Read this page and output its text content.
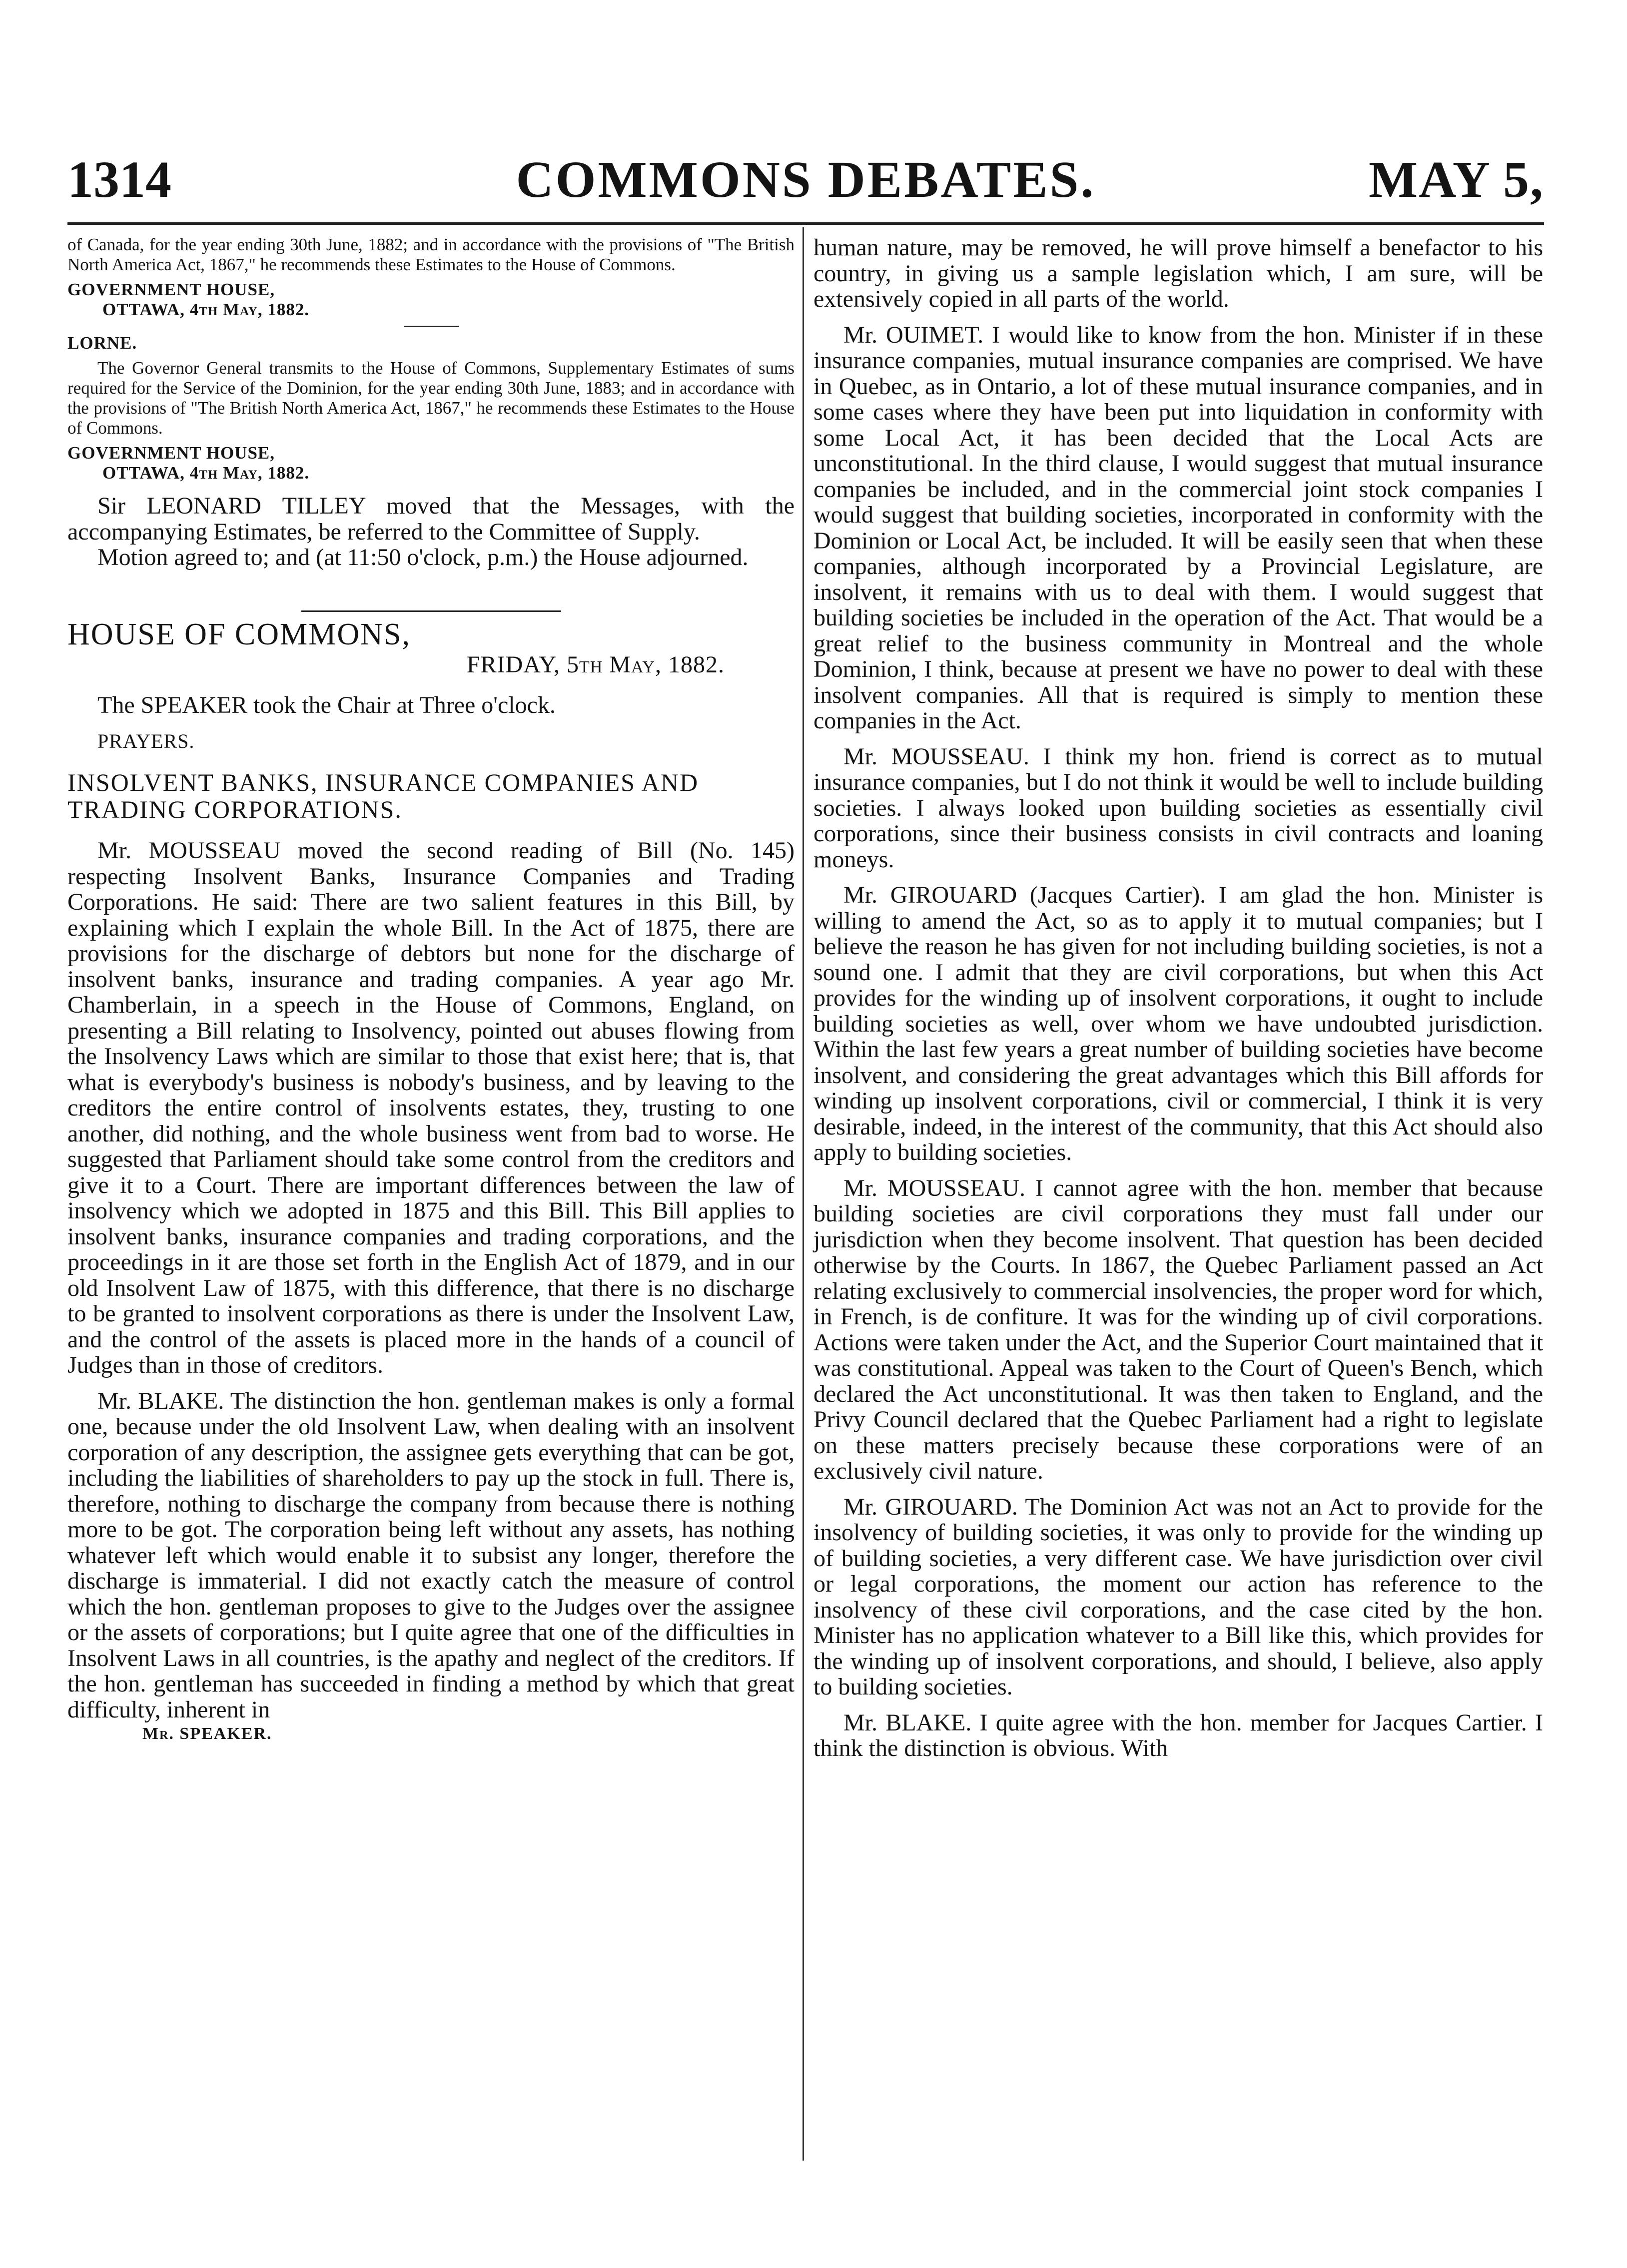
1314	COMMONS DEBATES.	MAY 5,

of Canada, for the year ending 30th June, 1882; and in accordance with the provisions of "The British North America Act, 1867," he recommends these Estimates to the House of Commons.

GOVERNMENT HOUSE,

OTTAWA, 4th May, 1882.

LORNE.

The Governor General transmits to the House of Commons, Supplementary Estimates of sums required for the Service of the Dominion, for the year ending 30th June, 1883; and in accordance with the provisions of "The British North America Act, 1867," he recommends these Estimates to the House of Commons.

GOVERNMENT HOUSE,

OTTAWA, 4th May, 1882.

Sir LEONARD TILLEY moved that the Messages, with the accompanying Estimates, be referred to the Committee of Supply.

Motion agreed to; and (at 11:50 o'clock, p.m.) the House adjourned.

HOUSE OF COMMONS,

FRIDAY, 5th May, 1882.

The SPEAKER took the Chair at Three o'clock.

PRAYERS.

INSOLVENT BANKS, INSURANCE COMPANIES AND

TRADING CORPORATIONS.

Mr. MOUSSEAU moved the second reading of Bill (No. 145) respecting Insolvent Banks, Insurance Companies and Trading Corporations. He said: There are two salient features in this Bill, by explaining which I explain the whole Bill. In the Act of 1875, there are provisions for the discharge of debtors but none for the discharge of insolvent banks, insurance and trading companies. A year ago Mr. Chamberlain, in a speech in the House of Commons, England, on presenting a Bill relating to Insolvency, pointed out abuses flowing from the Insolvency Laws which are similar to those that exist here; that is, that what is everybody's business is nobody's business, and by leaving to the creditors the entire control of insolvents estates, they, trusting to one another, did nothing, and the whole business went from bad to worse. He suggested that Parliament should take some control from the creditors and give it to a Court. There are important differences between the law of insolvency which we adopted in 1875 and this Bill. This Bill applies to insolvent banks, insurance companies and trading corporations, and the proceedings in it are those set forth in the English Act of 1879, and in our old Insolvent Law of 1875, with this difference, that there is no discharge to be granted to insolvent corporations as there is under the Insolvent Law, and the control of the assets is placed more in the hands of a council of Judges than in those of creditors.

Mr. BLAKE. The distinction the hon. gentleman makes is only a formal one, because under the old Insolvent Law, when dealing with an insolvent corporation of any description, the assignee gets everything that can be got, including the liabilities of shareholders to pay up the stock in full. There is, therefore, nothing to discharge the company from because there is nothing more to be got. The corporation being left without any assets, has nothing whatever left which would enable it to subsist any longer, therefore the discharge is immaterial. I did not exactly catch the measure of control which the hon. gentleman proposes to give to the Judges over the assignee or the assets of corporations; but I quite agree that one of the difficulties in Insolvent Laws in all countries, is the apathy and neglect of the creditors. If the hon. gentleman has succeeded in finding a method by which that great difficulty, inherent in

Mr. SPEAKER.

human nature, may be removed, he will prove himself a benefactor to his country, in giving us a sample legislation which, I am sure, will be extensively copied in all parts of the world.

Mr. OUIMET. I would like to know from the hon. Minister if in these insurance companies, mutual insurance companies are comprised. We have in Quebec, as in Ontario, a lot of these mutual insurance companies, and in some cases where they have been put into liquidation in conformity with some Local Act, it has been decided that the Local Acts are unconstitutional. In the third clause, I would suggest that mutual insurance companies be included, and in the commercial joint stock companies I would suggest that building societies, incorporated in conformity with the Dominion or Local Act, be included. It will be easily seen that when these companies, although incorporated by a Provincial Legislature, are insolvent, it remains with us to deal with them. I would suggest that building societies be included in the operation of the Act. That would be a great relief to the business community in Montreal and the whole Dominion, I think, because at present we have no power to deal with these insolvent companies. All that is required is simply to mention these companies in the Act.

Mr. MOUSSEAU. I think my hon. friend is correct as to mutual insurance companies, but I do not think it would be well to include building societies. I always looked upon building societies as essentially civil corporations, since their business consists in civil contracts and loaning moneys.

Mr. GIROUARD (Jacques Cartier). I am glad the hon. Minister is willing to amend the Act, so as to apply it to mutual companies; but I believe the reason he has given for not including building societies, is not a sound one. I admit that they are civil corporations, but when this Act provides for the winding up of insolvent corporations, it ought to include building societies as well, over whom we have undoubted jurisdiction. Within the last few years a great number of building societies have become insolvent, and considering the great advantages which this Bill affords for winding up insolvent corporations, civil or commercial, I think it is very desirable, indeed, in the interest of the community, that this Act should also apply to building societies.

Mr. MOUSSEAU. I cannot agree with the hon. member that because building societies are civil corporations they must fall under our jurisdiction when they become insolvent. That question has been decided otherwise by the Courts. In 1867, the Quebec Parliament passed an Act relating exclusively to commercial insolvencies, the proper word for which, in French, is de confiture. It was for the winding up of civil corporations. Actions were taken under the Act, and the Superior Court maintained that it was constitutional. Appeal was taken to the Court of Queen's Bench, which declared the Act unconstitutional. It was then taken to England, and the Privy Council declared that the Quebec Parliament had a right to legislate on these matters precisely because these corporations were of an exclusively civil nature.

Mr. GIROUARD. The Dominion Act was not an Act to provide for the insolvency of building societies, it was only to provide for the winding up of building societies, a very different case. We have jurisdiction over civil or legal corporations, the moment our action has reference to the insolvency of these civil corporations, and the case cited by the hon. Minister has no application whatever to a Bill like this, which provides for the winding up of insolvent corporations, and should, I believe, also apply to building societies.

Mr. BLAKE. I quite agree with the hon. member for Jacques Cartier. I think the distinction is obvious. With
